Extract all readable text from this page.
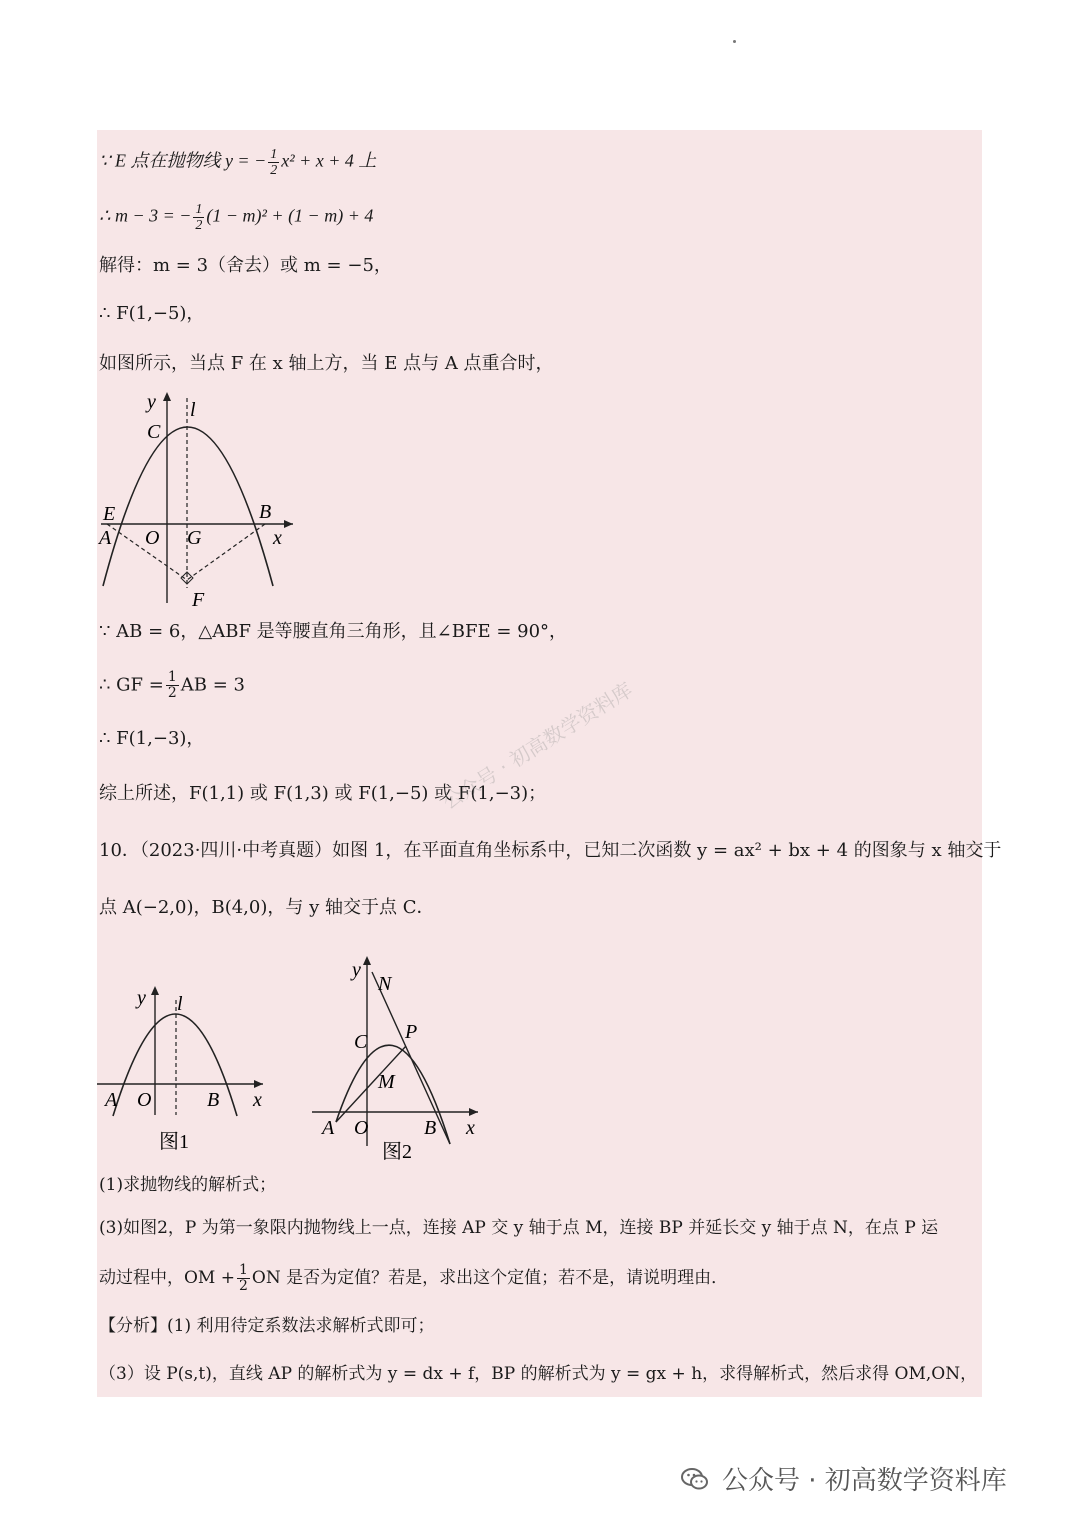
∵ E 点在抛物线 y = − $\frac{1}{2} x^2 + x + 4$ 上
∴ m − 3 = − $\frac{1}{2} (1 - m)^2 + (1 - m) + 4$
解得：m = 3（舍去）或 m = −5，
∴ F(1,−5)，
如图所示，当点 F 在 x 轴上方，当 E 点与 A 点重合时，
y l
C
E
A O G
B
x
F
∵ AB = 6，△ABF 是等腰直角三角形，且∠BFE = 90°，
∴ GF = $\frac{1}{2}$ AB = 3
∴ F(1,−3)，
综上所述，F(1,1) 或 F(1,3) 或 F(1,−5) 或 F(1,−3)；
10．（2023·四川·中考真题）如图 1，在平面直角坐标系中，已知二次函数 y = ax² + bx + 4 的图象与 x 轴交于
点 A(−2,0)，B(4,0)，与 y 轴交于点 C．
y l
A O	B x
图1
y
N
C P
M
A O	B x
图2
(1)求抛物线的解析式；
(3)如图2，P 为第一象限内抛物线上一点，连接 AP 交 y 轴于点 M，连接 BP 并延长交 y 轴于点 N，在点 P 运
动过程中，OM + $\frac{1}{2}$ ON 是否为定值？若是，求出这个定值；若不是，请说明理由．
【分析】(1) 利用待定系数法求解析式即可；
（3）设 P(s,t)，直线 AP 的解析式为 y = dx + f，BP 的解析式为 y = gx + h，求得解析式，然后求得 OM,ON，
公众号 · 初高数学资料库
公众号 · 初高数学资料库
